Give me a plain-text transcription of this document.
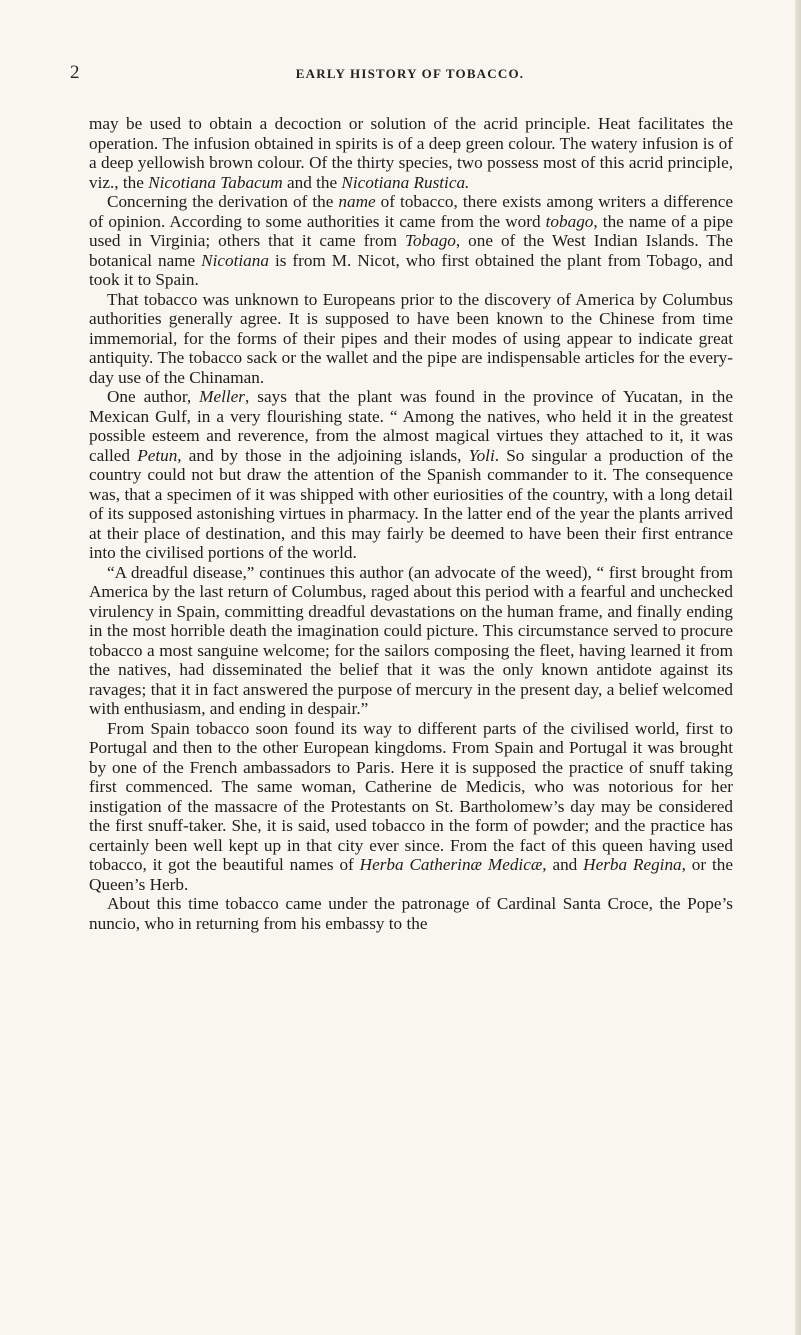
2	EARLY HISTORY OF TOBACCO.

may be used to obtain a decoction or solution of the acrid principle. Heat facilitates the operation. The infusion obtained in spirits is of a deep green colour. The watery infusion is of a deep yellowish brown colour. Of the thirty species, two possess most of this acrid principle, viz., the Nicotiana Tabacum and the Nicotiana Rustica.

Concerning the derivation of the name of tobacco, there exists among writers a difference of opinion. According to some authorities it came from the word tobago, the name of a pipe used in Virginia; others that it came from Tobago, one of the West Indian Islands. The botanical name Nicotiana is from M. Nicot, who first obtained the plant from Tobago, and took it to Spain.

That tobacco was unknown to Europeans prior to the discovery of America by Columbus authorities generally agree. It is supposed to have been known to the Chinese from time immemorial, for the forms of their pipes and their modes of using appear to indicate great antiquity. The tobacco sack or the wallet and the pipe are indispensable articles for the every-day use of the Chinaman.

One author, Meller, says that the plant was found in the province of Yucatan, in the Mexican Gulf, in a very flourishing state. “ Among the natives, who held it in the greatest possible esteem and reverence, from the almost magical virtues they attached to it, it was called Petun, and by those in the adjoining islands, Yoli. So singular a production of the country could not but draw the attention of the Spanish commander to it. The consequence was, that a specimen of it was shipped with other euriosities of the country, with a long detail of its supposed astonishing virtues in pharmacy. In the latter end of the year the plants arrived at their place of destination, and this may fairly be deemed to have been their first entrance into the civilised portions of the world.

“A dreadful disease,” continues this author (an advocate of the weed), “ first brought from America by the last return of Columbus, raged about this period with a fearful and unchecked virulency in Spain, committing dreadful devastations on the human frame, and finally ending in the most horrible death the imagination could picture. This circumstance served to procure tobacco a most sanguine welcome; for the sailors composing the fleet, having learned it from the natives, had disseminated the belief that it was the only known antidote against its ravages; that it in fact answered the purpose of mercury in the present day, a belief welcomed with enthusiasm, and ending in despair.”

From Spain tobacco soon found its way to different parts of the civilised world, first to Portugal and then to the other European kingdoms. From Spain and Portugal it was brought by one of the French ambassadors to Paris. Here it is supposed the practice of snuff taking first commenced. The same woman, Catherine de Medicis, who was notorious for her instigation of the massacre of the Protestants on St. Bartholomew’s day may be considered the first snuff-taker. She, it is said, used tobacco in the form of powder; and the practice has certainly been well kept up in that city ever since. From the fact of this queen having used tobacco, it got the beautiful names of Herba Catherinæ Medicæ, and Herba Regina, or the Queen’s Herb.

About this time tobacco came under the patronage of Cardinal Santa Croce, the Pope’s nuncio, who in returning from his embassy to the
